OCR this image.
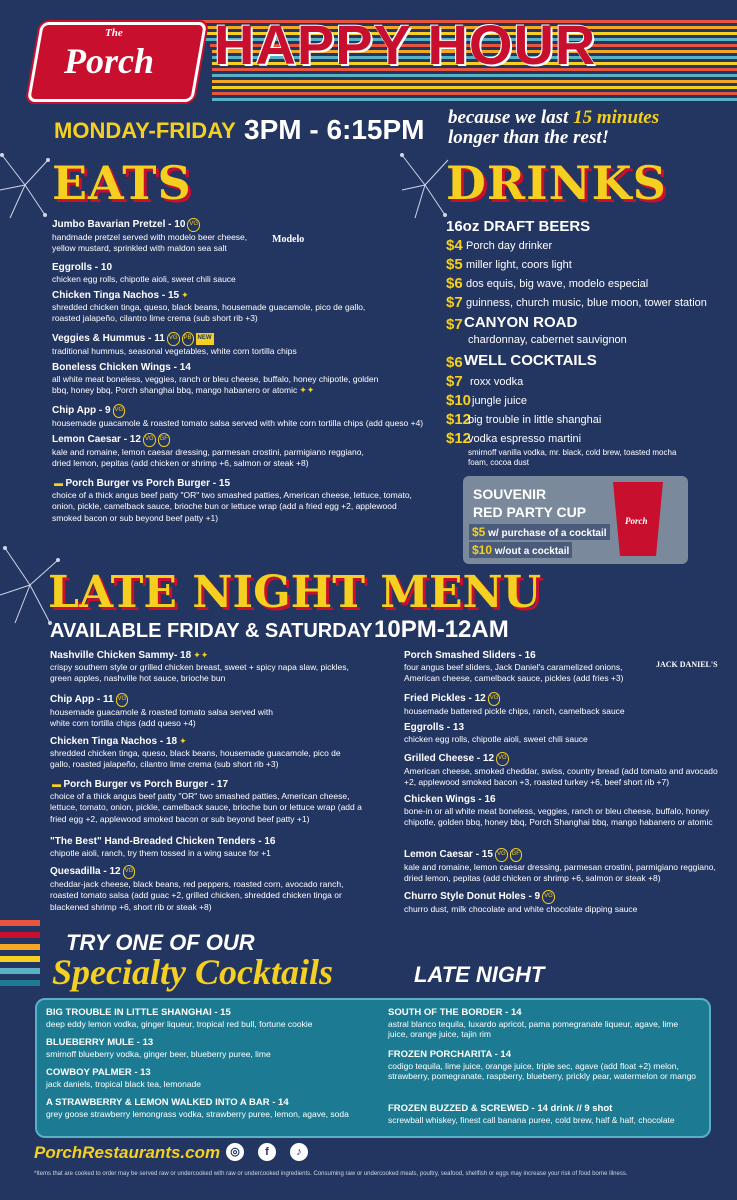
The
Porch HAPPY HOUR
MONDAY-FRIDAY 3PM - 6:15PM because we last 15 minutes
longer than the rest!
EATS
Modelo
Jumbo Bavarian Pretzel - 10 VG
handmade pretzel served with modelo beer cheese, yellow mustard, sprinkled with maldon sea salt
Eggrolls - 10
chicken egg rolls, chipotle aioli, sweet chili sauce
Chicken Tinga Nachos - 15 ✦
shredded chicken tinga, queso, black beans, housemade guacamole, pico de gallo, roasted jalapeño, cilantro lime crema (sub short rib +3)
Veggies & Hummus - 11 VG PB NEW
traditional hummus, seasonal vegetables, white corn tortilla chips
Boneless Chicken Wings - 14
all white meat boneless, veggies, ranch or bleu cheese, buffalo, honey chipotle, golden bbq, honey bbq, Porch shanghai bbq, mango habanero or atomic ✦✦
Chip App - 9 VG
housemade guacamole & roasted tomato salsa served with white corn tortilla chips (add queso +4)
Lemon Caesar - 12 VG GF
kale and romaine, lemon caesar dressing, parmesan crostini, parmigiano reggiano, dried lemon, pepitas (add chicken or shrimp +6, salmon or steak +8)
▬ Porch Burger vs Porch Burger - 15
choice of a thick angus beef patty "OR" two smashed patties, American cheese, lettuce, tomato, onion, pickle, camelback sauce, brioche bun or lettuce wrap (add a fried egg +2, applewood smoked bacon or sub beyond beef patty +1)
DRINKS
16oz DRAFT BEERS
$4 Porch day drinker
$5 miller light, coors light
$6 dos equis, big wave, modelo especial
$7 guinness, church music, blue moon, tower station
$7 CANYON ROAD
chardonnay, cabernet sauvignon
$6 WELL COCKTAILS
$7 roxx vodka
$10 jungle juice
$12
big trouble in little shanghai
$12
vodka espresso martini
smirnoff vanilla vodka, mr. black, cold brew, toasted mocha foam, cocoa dust
Porch
SOUVENIR
RED PARTY CUP
$5 w/ purchase of a cocktail
$10 w/out a cocktail
LATE NIGHT MENU
AVAILABLE FRIDAY & SATURDAY 10PM-12AM
JACK DANIEL'S
Nashville Chicken Sammy- 18 ✦✦
crispy southern style or grilled chicken breast, sweet + spicy napa slaw, pickles, green apples, nashville hot sauce, brioche bun
Chip App - 11 VG
housemade guacamole & roasted tomato salsa served with white corn tortilla chips (add queso +4)
Chicken Tinga Nachos - 18 ✦
shredded chicken tinga, queso, black beans, housemade guacamole, pico de gallo, roasted jalapeño, cilantro lime crema (sub short rib +3)
▬ Porch Burger vs Porch Burger - 17
choice of a thick angus beef patty "OR" two smashed patties, American cheese, lettuce, tomato, onion, pickle, camelback sauce, brioche bun or lettuce wrap (add a fried egg +2, applewood smoked bacon or sub beyond beef patty +1)
"The Best" Hand-Breaded Chicken Tenders - 16
chipotle aioli, ranch, try them tossed in a wing sauce for +1
Quesadilla - 12 VG
cheddar-jack cheese, black beans, red peppers, roasted corn, avocado ranch, roasted tomato salsa (add guac +2, grilled chicken, shredded chicken tinga or blackened shrimp +6, short rib or steak +8)
Porch Smashed Sliders - 16
four angus beef sliders, Jack Daniel's caramelized onions, American cheese, camelback sauce, pickles (add fries +3)
Fried Pickles - 12 VG
housemade battered pickle chips, ranch, camelback sauce
Eggrolls - 13
chicken egg rolls, chipotle aioli, sweet chili sauce
Grilled Cheese - 12 VG
American cheese, smoked cheddar, swiss, country bread (add tomato and avocado +2, applewood smoked bacon +3, roasted turkey +6, beef short rib +7)
Chicken Wings - 16
bone-in or all white meat boneless, veggies, ranch or bleu cheese, buffalo, honey chipotle, golden bbq, honey bbq, Porch Shanghai bbq, mango habanero or atomic
Lemon Caesar - 15 VG GF
kale and romaine, lemon caesar dressing, parmesan crostini, parmigiano reggiano, dried lemon, pepitas (add chicken or shrimp +6, salmon or steak +8)
Churro Style Donut Holes - 9 VG
churro dust, milk chocolate and white chocolate dipping sauce
TRY ONE OF OUR
Specialty Cocktails	LATE NIGHT
BIG TROUBLE IN LITTLE SHANGHAI - 15
deep eddy lemon vodka, ginger liqueur, tropical red bull, fortune cookie
BLUEBERRY MULE - 13
smirnoff blueberry vodka, ginger beer, blueberry puree, lime
COWBOY PALMER - 13
jack daniels, tropical black tea, lemonade
A STRAWBERRY & LEMON WALKED INTO A BAR - 14
grey goose strawberry lemongrass vodka, strawberry puree, lemon, agave, soda
SOUTH OF THE BORDER - 14
astral blanco tequila, luxardo apricot, pama pomegranate liqueur, agave, lime juice, orange juice, tajin rim
FROZEN PORCHARITA - 14
codigo tequila, lime juice, orange juice, triple sec, agave (add float +2) melon, strawberry, pomegranate, raspberry, blueberry, prickly pear, watermelon or mango
FROZEN BUZZED & SCREWED - 14 drink // 9 shot
screwball whiskey, finest call banana puree, cold brew, half & half, chocolate
PorchRestaurants.com ◎	f	♪
*Items that are cooked to order may be served raw or undercooked with raw or undercooked ingredients. Consuming raw or undercooked meats, poultry, seafood, shellfish or eggs may increase your risk of food borne illness.
